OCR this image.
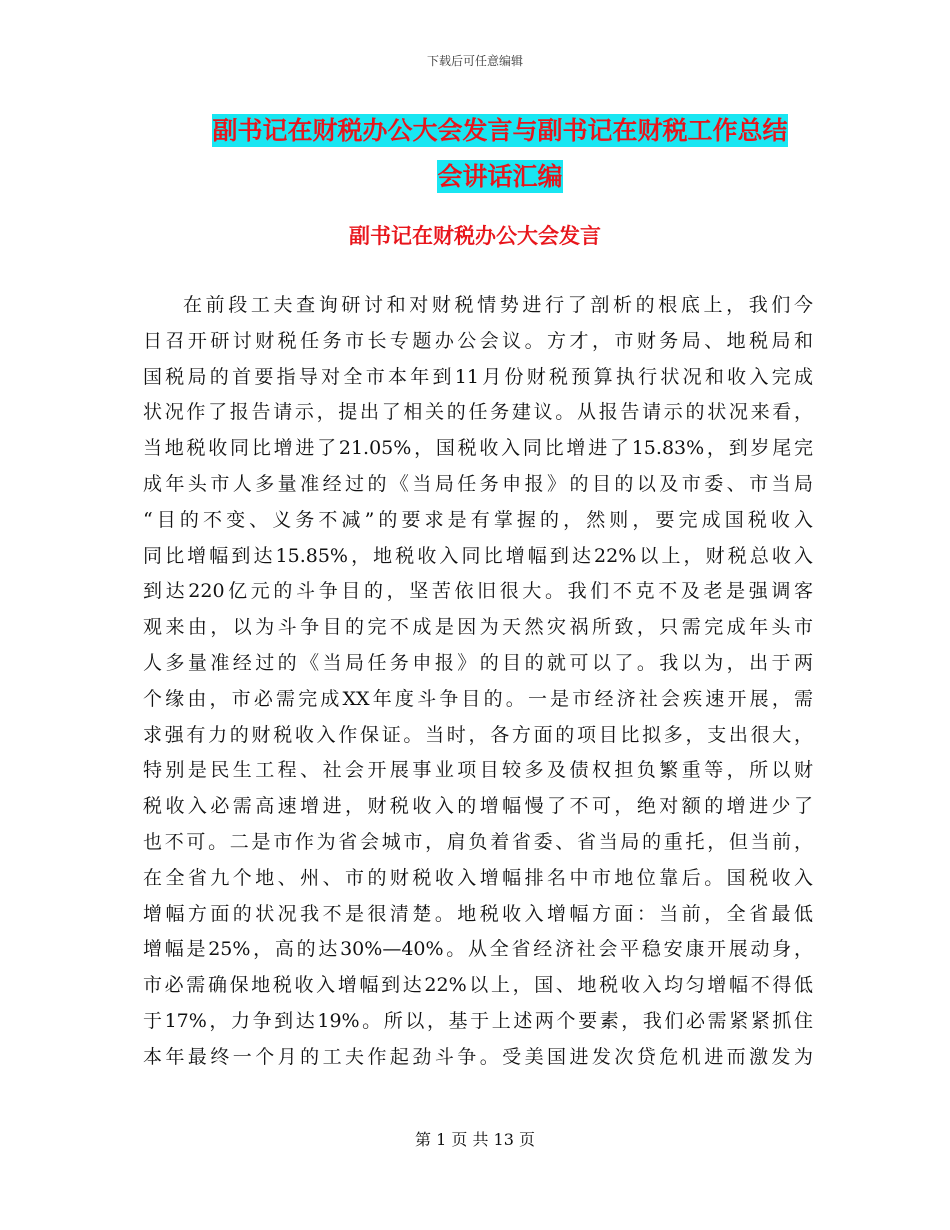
下载后可任意编辑
副书记在财税办公大会发言与副书记在财税工作总结
会讲话汇编
副书记在财税办公大会发言
在前段工夫查询研讨和对财税情势进行了剖析的根底上，我们今
日召开研讨财税任务市长专题办公会议。方才，市财务局、地税局和
国税局的首要指导对全市本年到11月份财税预算执行状况和收入完成
状况作了报告请示，提出了相关的任务建议。从报告请示的状况来看，
当地税收同比增进了21.05%，国税收入同比增进了15.83%，到岁尾完
成年头市人多量准经过的《当局任务申报》的目的以及市委、市当局
“目的不变、义务不减”的要求是有掌握的，然则，要完成国税收入
同比增幅到达15.85%，地税收入同比增幅到达22%以上，财税总收入
到达220亿元的斗争目的，坚苦依旧很大。我们不克不及老是强调客
观来由，以为斗争目的完不成是因为天然灾祸所致，只需完成年头市
人多量准经过的《当局任务申报》的目的就可以了。我以为，出于两
个缘由，市必需完成XX年度斗争目的。一是市经济社会疾速开展，需
求强有力的财税收入作保证。当时，各方面的项目比拟多，支出很大，
特别是民生工程、社会开展事业项目较多及债权担负繁重等，所以财
税收入必需高速增进，财税收入的增幅慢了不可，绝对额的增进少了
也不可。二是市作为省会城市，肩负着省委、省当局的重托，但当前，
在全省九个地、州、市的财税收入增幅排名中市地位靠后。国税收入
增幅方面的状况我不是很清楚。地税收入增幅方面：当前，全省最低
增幅是25%，高的达30%—40%。从全省经济社会平稳安康开展动身，
市必需确保地税收入增幅到达22%以上，国、地税收入均匀增幅不得低
于17%，力争到达19%。所以，基于上述两个要素，我们必需紧紧抓住
本年最终一个月的工夫作起劲斗争。受美国进发次贷危机进而激发为
第 1 页 共 13 页
